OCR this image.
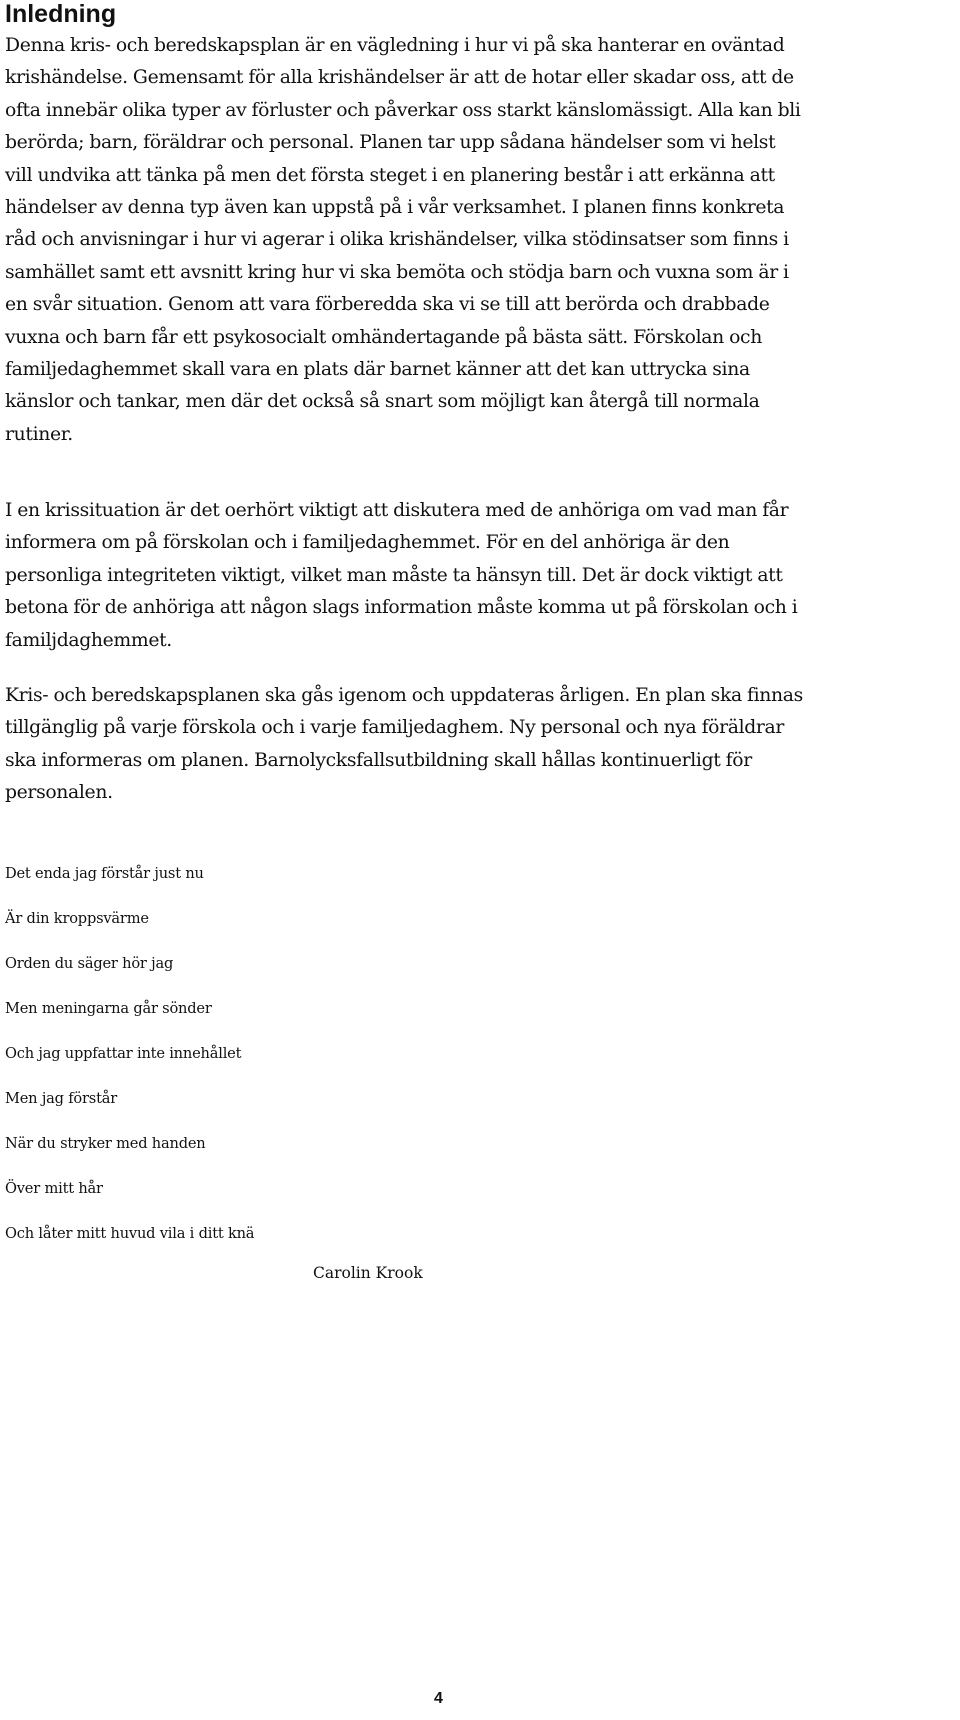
Inledning
Denna kris- och beredskapsplan är en vägledning i hur vi på ska hanterar en oväntad
krishändelse. Gemensamt för alla krishändelser är att de hotar eller skadar oss, att de
ofta innebär olika typer av förluster och påverkar oss starkt känslomässigt. Alla kan bli
berörda; barn, föräldrar och personal. Planen tar upp sådana händelser som vi helst
vill undvika att tänka på men det första steget i en planering består i att erkänna att
händelser av denna typ även kan uppstå på i vår verksamhet. I planen finns konkreta
råd och anvisningar i hur vi agerar i olika krishändelser, vilka stödinsatser som finns i
samhället samt ett avsnitt kring hur vi ska bemöta och stödja barn och vuxna som är i
en svår situation. Genom att vara förberedda ska vi se till att berörda och drabbade
vuxna och barn får ett psykosocialt omhändertagande på bästa sätt. Förskolan och
familjedaghemmet skall vara en plats där barnet känner att det kan uttrycka sina
känslor och tankar, men där det också så snart som möjligt kan återgå till normala
rutiner.
I en krissituation är det oerhört viktigt att diskutera med de anhöriga om vad man får
informera om på förskolan och i familjedaghemmet. För en del anhöriga är den
personliga integriteten viktigt, vilket man måste ta hänsyn till. Det är dock viktigt att
betona för de anhöriga att någon slags information måste komma ut på förskolan och i
familjdaghemmet.
Kris- och beredskapsplanen ska gås igenom och uppdateras årligen. En plan ska finnas
tillgänglig på varje förskola och i varje familjedaghem. Ny personal och nya föräldrar
ska informeras om planen. Barnolycksfallsutbildning skall hållas kontinuerligt för
personalen.

Det enda jag förstår just nu

Är din kroppsvärme

Orden du säger hör jag

Men meningarna går sönder

Och jag uppfattar inte innehållet

Men jag förstår

När du stryker med handen

Över mitt hår

Och låter mitt huvud vila i ditt knä

Carolin Krook

4
